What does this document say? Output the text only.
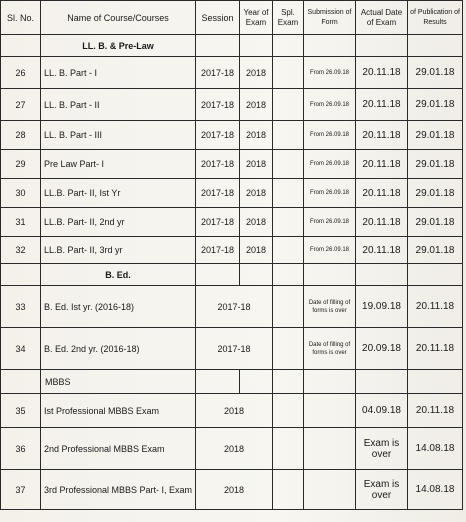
Sl. No.	Name of Course/Courses	Session	Year of Exam	Spl. Exam	Submission of Form	Actual Date of Exam	of Publication of Results
	LL. B. & Pre-Law						
26	LL. B. Part - I	2017-18	2018		From 26.09.18	20.11.18	29.01.18
27	LL. B. Part - II	2017-18	2018		From 26.09.18	20.11.18	29.01.18
28	LL. B. Part - III	2017-18	2018		From 26.09.18	20.11.18	29.01.18
29	Pre Law Part- I	2017-18	2018		From 26.09.18	20.11.18	29.01.18
30	LL.B. Part- II, Ist Yr	2017-18	2018		From 26.09.18	20.11.18	29.01.18
31	LL.B. Part- II, 2nd yr	2017-18	2018		From 26.09.18	20.11.18	29.01.18
32	LL.B. Part- II, 3rd yr	2017-18	2018		From 26.09.18	20.11.18	29.01.18
	B. Ed.						
33	B. Ed. Ist yr. (2016-18)	2017-18			Date of filling of forms is over	19.09.18	20.11.18
34	B. Ed. 2nd yr. (2016-18)	2017-18			Date of filling of forms is over	20.09.18	20.11.18
	MBBS						
35	Ist Professional MBBS Exam	2018				04.09.18	20.11.18
36	2nd Professional MBBS Exam	2018				Exam is over	14.08.18
37	3rd Professional MBBS Part- I, Exam	2018				Exam is over	14.08.18
